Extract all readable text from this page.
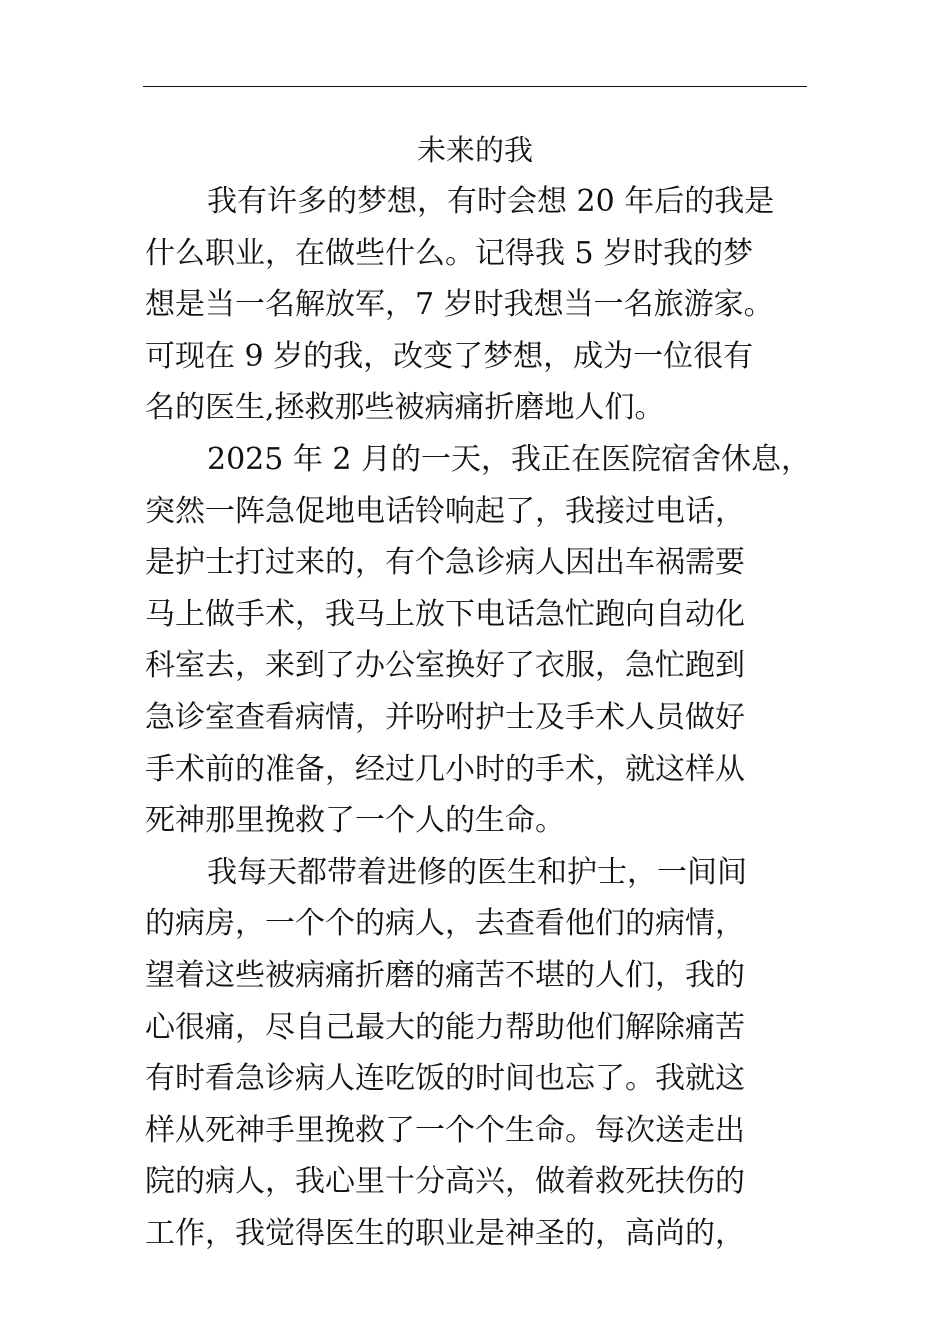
未来的我
我有许多的梦想，有时会想 20 年后的我是
什么职业，在做些什么。记得我 5 岁时我的梦
想是当一名解放军，7 岁时我想当一名旅游家。
可现在 9 岁的我，改变了梦想，成为一位很有
名的医生,拯救那些被病痛折磨地人们。
2025 年 2 月的一天，我正在医院宿舍休息，
突然一阵急促地电话铃响起了，我接过电话，
是护士打过来的，有个急诊病人因出车祸需要
马上做手术，我马上放下电话急忙跑向自动化
科室去，来到了办公室换好了衣服，急忙跑到
急诊室查看病情，并吩咐护士及手术人员做好
手术前的准备，经过几小时的手术，就这样从
死神那里挽救了一个人的生命。
我每天都带着进修的医生和护士，一间间
的病房，一个个的病人，去查看他们的病情，
望着这些被病痛折磨的痛苦不堪的人们，我的
心很痛，尽自己最大的能力帮助他们解除痛苦
有时看急诊病人连吃饭的时间也忘了。我就这
样从死神手里挽救了一个个生命。每次送走出
院的病人，我心里十分高兴，做着救死扶伤的
工作，我觉得医生的职业是神圣的，高尚的，
